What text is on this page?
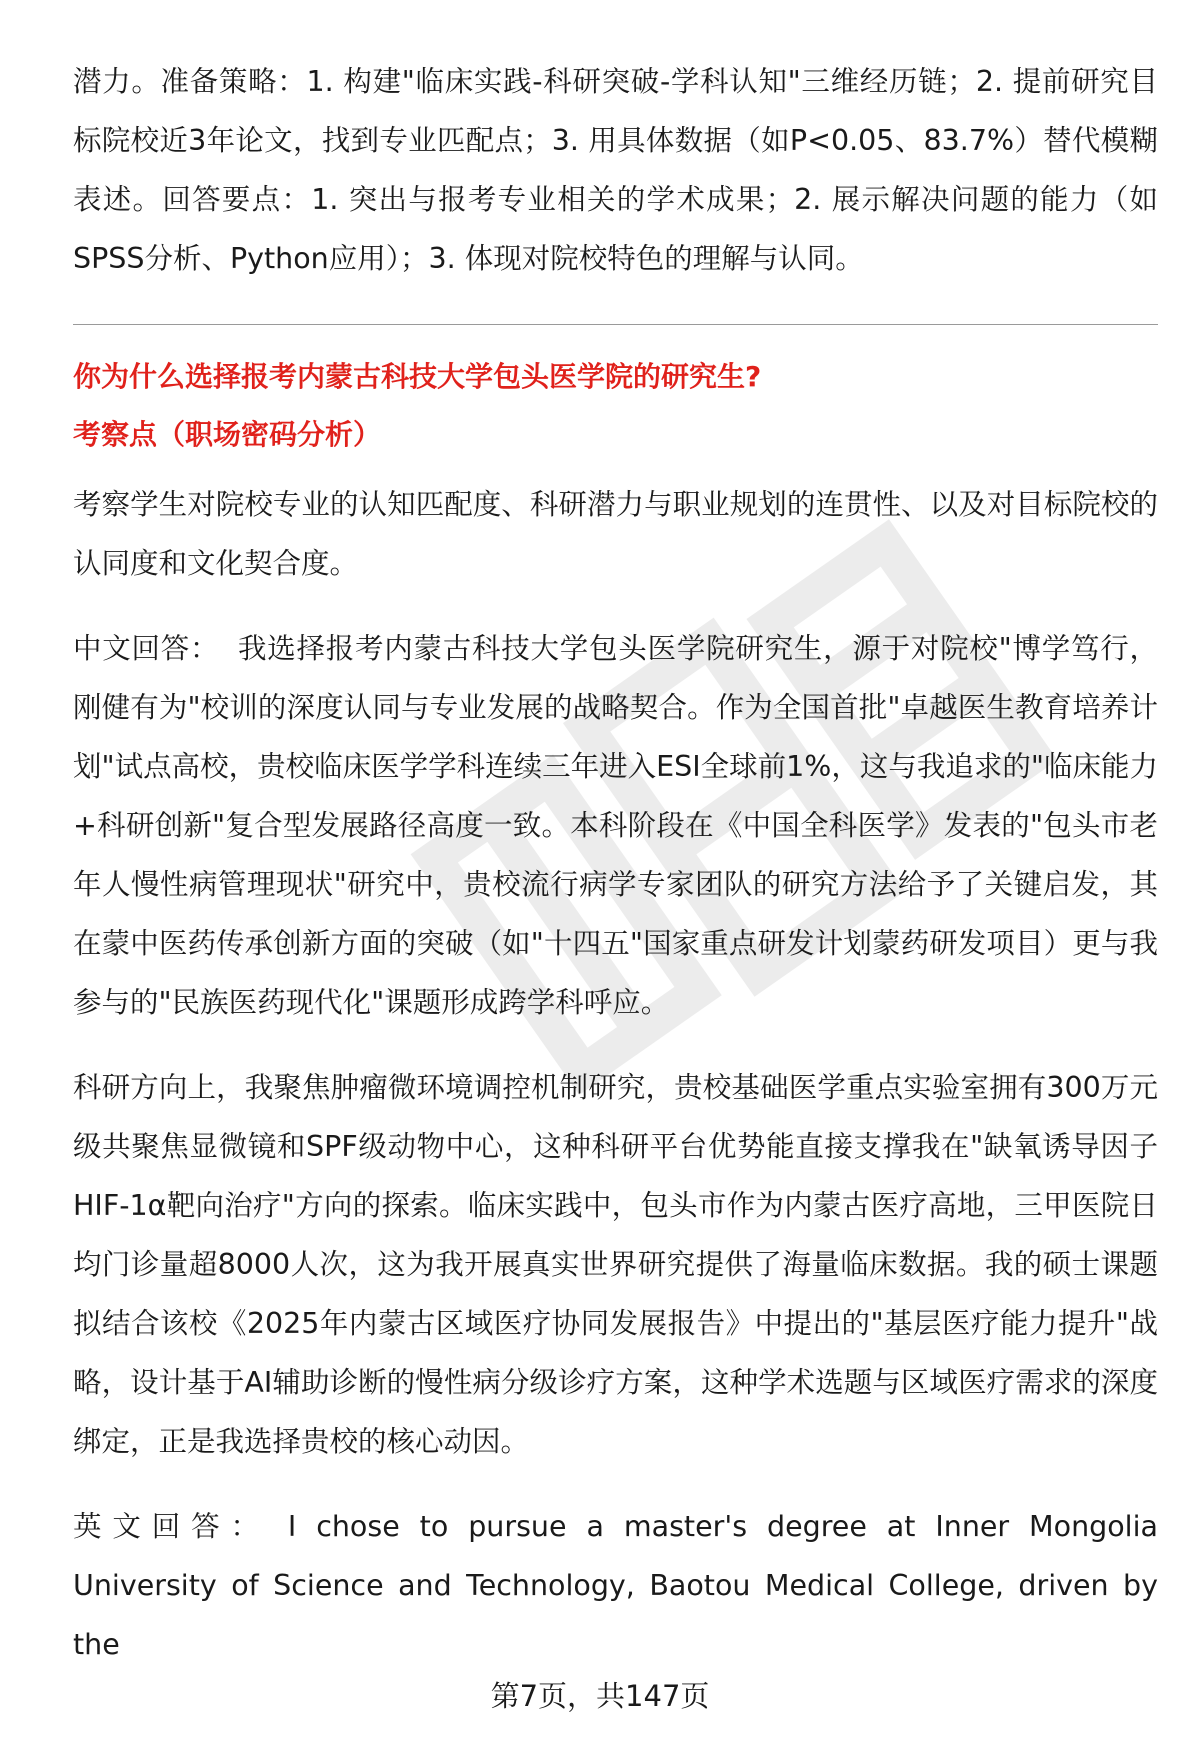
潜力。准备策略：1. 构建"临床实践-科研突破-学科认知"三维经历链；2. 提前研究目标院校近3年论文，找到专业匹配点；3. 用具体数据（如P<0.05、83.7%）替代模糊表述。回答要点：1. 突出与报考专业相关的学术成果；2. 展示解决问题的能力（如SPSS分析、Python应用）；3. 体现对院校特色的理解与认同。

你为什么选择报考内蒙古科技大学包头医学院的研究生?
考察点（职场密码分析）

考察学生对院校专业的认知匹配度、科研潜力与职业规划的连贯性、以及对目标院校的认同度和文化契合度。

中文回答： 我选择报考内蒙古科技大学包头医学院研究生，源于对院校"博学笃行，刚健有为"校训的深度认同与专业发展的战略契合。作为全国首批"卓越医生教育培养计划"试点高校，贵校临床医学学科连续三年进入ESI全球前1%，这与我追求的"临床能力+科研创新"复合型发展路径高度一致。本科阶段在《中国全科医学》发表的"包头市老年人慢性病管理现状"研究中，贵校流行病学专家团队的研究方法给予了关键启发，其在蒙中医药传承创新方面的突破（如"十四五"国家重点研发计划蒙药研发项目）更与我参与的"民族医药现代化"课题形成跨学科呼应。

科研方向上，我聚焦肿瘤微环境调控机制研究，贵校基础医学重点实验室拥有300万元级共聚焦显微镜和SPF级动物中心，这种科研平台优势能直接支撑我在"缺氧诱导因子HIF-1α靶向治疗"方向的探索。临床实践中，包头市作为内蒙古医疗高地，三甲医院日均门诊量超8000人次，这为我开展真实世界研究提供了海量临床数据。我的硕士课题拟结合该校《2025年内蒙古区域医疗协同发展报告》中提出的"基层医疗能力提升"战略，设计基于AI辅助诊断的慢性病分级诊疗方案，这种学术选题与区域医疗需求的深度绑定，正是我选择贵校的核心动因。

英文回答： I chose to pursue a master's degree at Inner Mongolia University of Science and Technology, Baotou Medical College, driven by the

第7页，共147页
